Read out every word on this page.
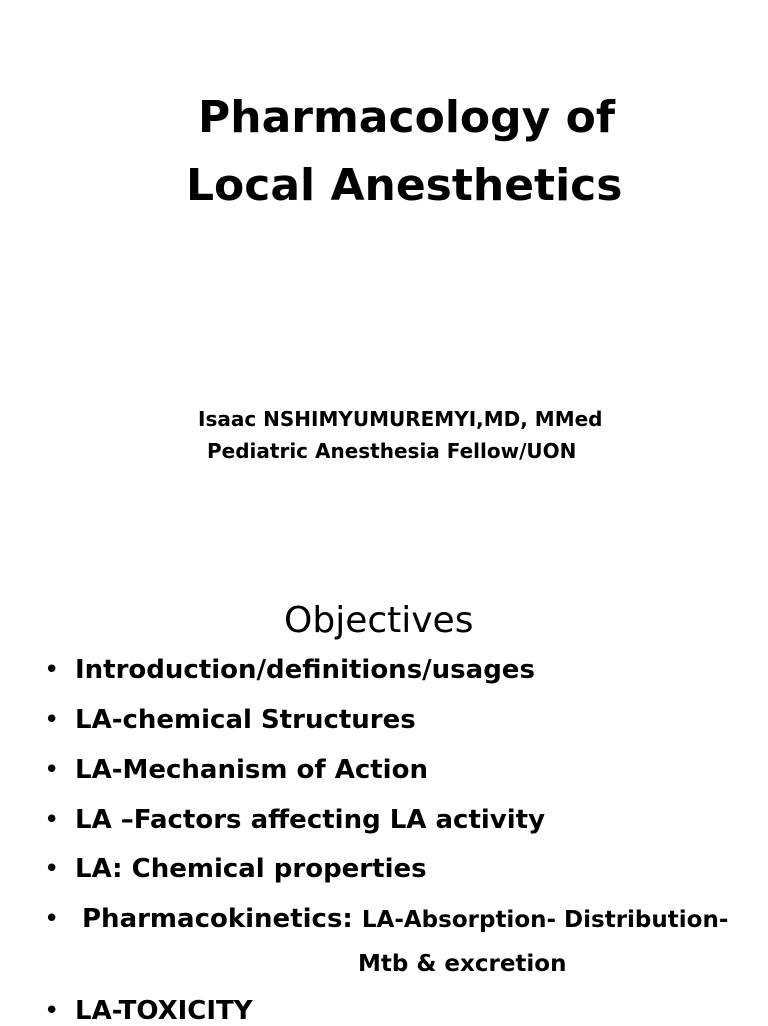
Pharmacology of
Local Anesthetics
Isaac NSHIMYUMUREMYI,MD, MMed
Pediatric Anesthesia Fellow/UON
Objectives
• Introduction/definitions/usages
• LA-chemical Structures
• LA-Mechanism of Action
• LA –Factors affecting LA activity
• LA: Chemical properties
• Pharmacokinetics: LA-Absorption- Distribution-
Mtb & excretion
• LA-TOXICITY
